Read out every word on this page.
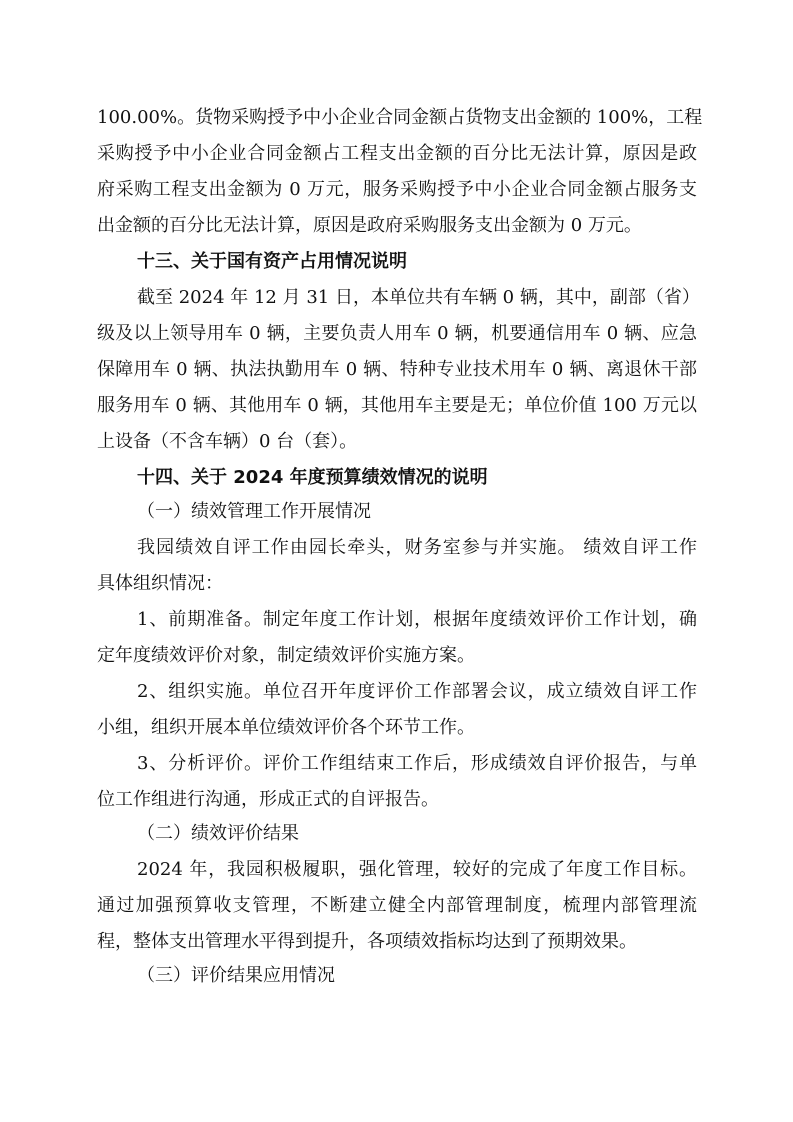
100.00%。货物采购授予中小企业合同金额占货物支出金额的 100%，工程
采购授予中小企业合同金额占工程支出金额的百分比无法计算，原因是政
府采购工程支出金额为 0 万元，服务采购授予中小企业合同金额占服务支
出金额的百分比无法计算，原因是政府采购服务支出金额为 0 万元。
十三、关于国有资产占用情况说明
截至 2024 年 12 月 31 日，本单位共有车辆 0 辆，其中，副部（省）
级及以上领导用车 0 辆，主要负责人用车 0 辆，机要通信用车 0 辆、应急
保障用车 0 辆、执法执勤用车 0 辆、特种专业技术用车 0 辆、离退休干部
服务用车 0 辆、其他用车 0 辆，其他用车主要是无；单位价值 100 万元以
上设备（不含车辆）0 台（套）。
十四、关于 2024 年度预算绩效情况的说明
（一）绩效管理工作开展情况
我园绩效自评工作由园长牵头，财务室参与并实施。 绩效自评工作
具体组织情况：
1、前期准备。制定年度工作计划，根据年度绩效评价工作计划，确
定年度绩效评价对象，制定绩效评价实施方案。
2、组织实施。单位召开年度评价工作部署会议，成立绩效自评工作
小组，组织开展本单位绩效评价各个环节工作。
3、分析评价。评价工作组结束工作后，形成绩效自评价报告，与单
位工作组进行沟通，形成正式的自评报告。
（二）绩效评价结果
2024 年，我园积极履职，强化管理，较好的完成了年度工作目标。
通过加强预算收支管理，不断建立健全内部管理制度，梳理内部管理流
程，整体支出管理水平得到提升，各项绩效指标均达到了预期效果。
（三）评价结果应用情况
